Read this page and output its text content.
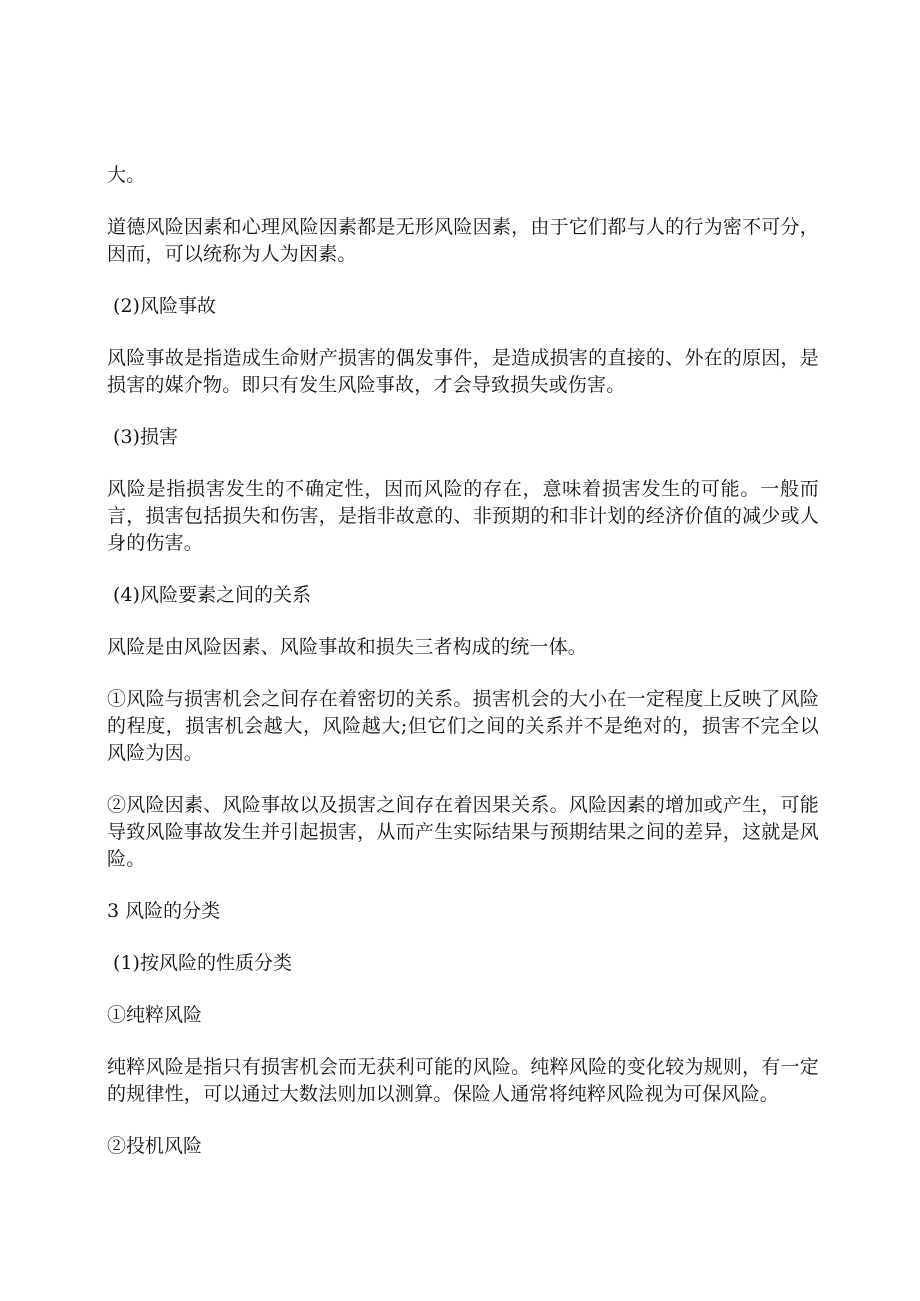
大。

道德风险因素和心理风险因素都是无形风险因素，由于它们都与人的行为密不可分，因而，可以统称为人为因素。

(2)风险事故

风险事故是指造成生命财产损害的偶发事件，是造成损害的直接的、外在的原因，是损害的媒介物。即只有发生风险事故，才会导致损失或伤害。

(3)损害

风险是指损害发生的不确定性，因而风险的存在，意味着损害发生的可能。一般而言，损害包括损失和伤害，是指非故意的、非预期的和非计划的经济价值的减少或人身的伤害。

(4)风险要素之间的关系

风险是由风险因素、风险事故和损失三者构成的统一体。

①风险与损害机会之间存在着密切的关系。损害机会的大小在一定程度上反映了风险的程度，损害机会越大，风险越大;但它们之间的关系并不是绝对的，损害不完全以风险为因。

②风险因素、风险事故以及损害之间存在着因果关系。风险因素的增加或产生，可能导致风险事故发生并引起损害，从而产生实际结果与预期结果之间的差异，这就是风险。

3 风险的分类

(1)按风险的性质分类

①纯粹风险

纯粹风险是指只有损害机会而无获利可能的风险。纯粹风险的变化较为规则，有一定的规律性，可以通过大数法则加以测算。保险人通常将纯粹风险视为可保风险。

②投机风险
